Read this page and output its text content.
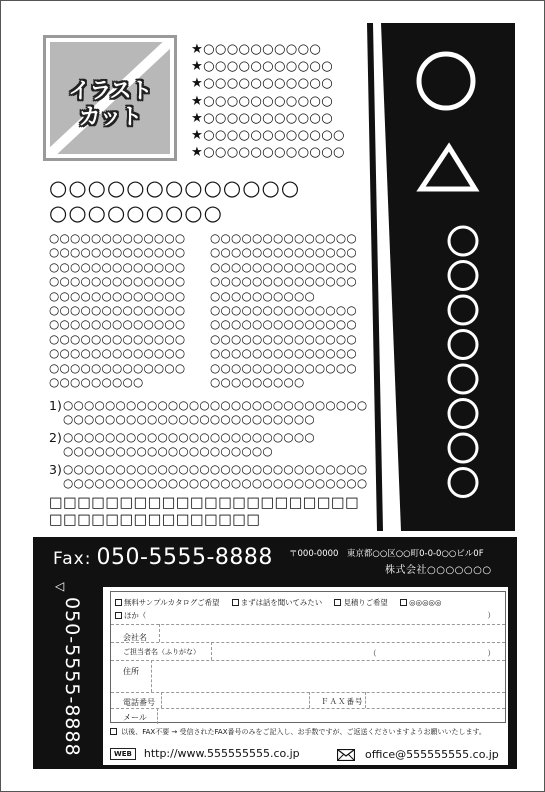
イラスト
カット
★○○○○○○○○○○
★○○○○○○○○○○○
★○○○○○○○○○○○
★○○○○○○○○○○○
★○○○○○○○○○○○
★○○○○○○○○○○○○
★○○○○○○○○○○○○
○○○○○○○○○○○○○
○○○○○○○○○
○○○○○○○○○○○○○
○○○○○○○○○○○○○
○○○○○○○○○○○○○
○○○○○○○○○○○○○
○○○○○○○○○○○○○
○○○○○○○○○○○○○
○○○○○○○○○○○○○
○○○○○○○○○○○○○
○○○○○○○○○○○○○
○○○○○○○○○○○○○
○○○○○○○○○
○○○○○○○○○○○○○○
○○○○○○○○○○○○○○
○○○○○○○○○○○○○○
○○○○○○○○○○○○○○
○○○○○○○○○○
○○○○○○○○○○○○○○
○○○○○○○○○○○○○○
○○○○○○○○○○○○○○
○○○○○○○○○○○○○○
○○○○○○○○○○○○○○
○○○○○○○○○
1) ○○○○○○○○○○○○○○○○○○○○○○○○○○○○○
○○○○○○○○○○○○○○○○○○○○○○○○
2) ○○○○○○○○○○○○○○○○○○○○○○○○
○○○○○○○○○○○○○○○○○○○○
3) ○○○○○○○○○○○○○○○○○○○○○○○○○○○○○
○○○○○○○○○○○○○○○○○○○○○○○○○○○○○
□□□□□□□□□□□□□□□□□□□□□□
□□□□□□□□□□□□□□□
Fax: 050-5555-8888 〒000-0000　東京都○○区○○町0-0-0○○ビル0F
株式会社○○○○○○○
◁
050-5555-8888	無料サンプルカタログご希望	まずは話を聞いてみたい	見積りご希望	◎◎◎◎◎
ほか（	）
会社名
ご担当者名（ふりがな）	（	）
住所
電話番号	ＦＡＸ番号
メール
以後、FAX不要 → 受信されたFAX番号のみをご記入し、お手数ですが、ご返送くださいますようお願いいたします。
WEB	http://www.555555555.co.jp	office@555555555.co.jp
